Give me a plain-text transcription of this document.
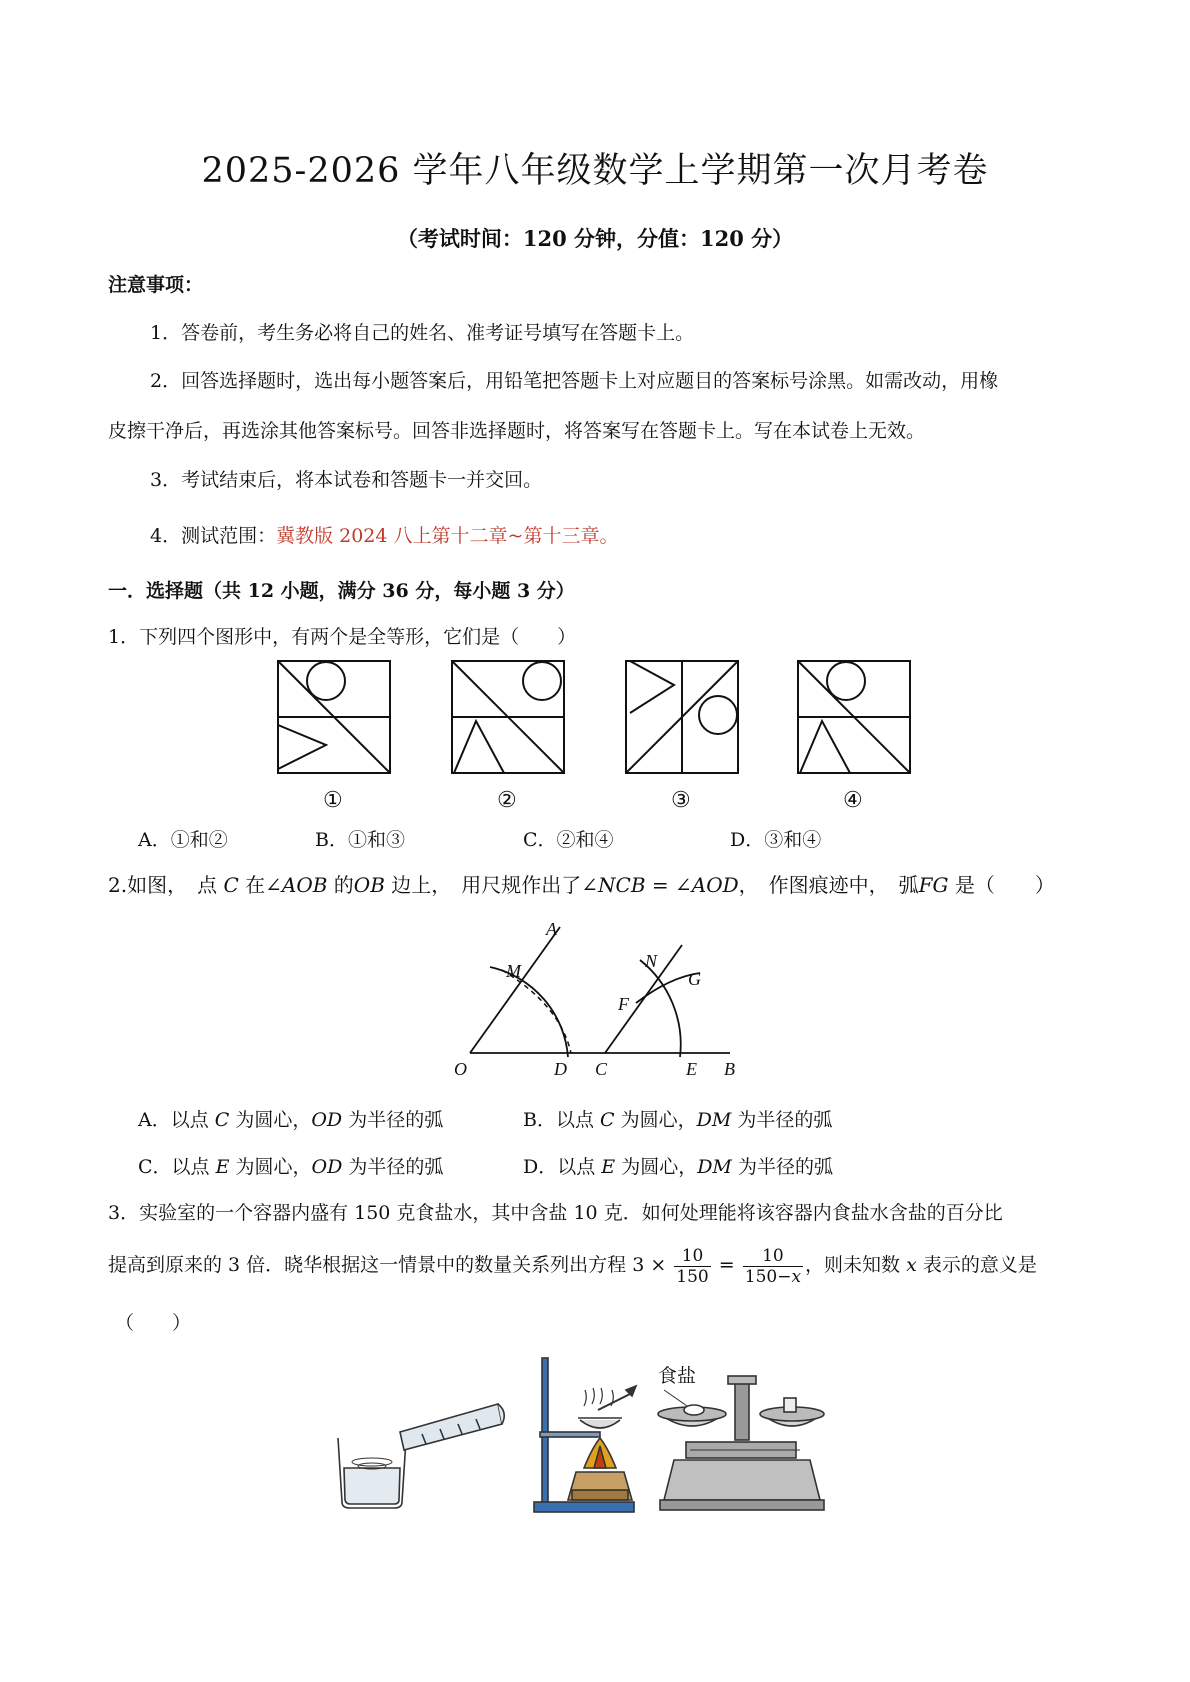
2025-2026 学年八年级数学上学期第一次月考卷
（考试时间：120 分钟，分值：120 分）
注意事项：
1．答卷前，考生务必将自己的姓名、准考证号填写在答题卡上。
2．回答选择题时，选出每小题答案后，用铅笔把答题卡上对应题目的答案标号涂黑。如需改动，用橡
皮擦干净后，再选涂其他答案标号。回答非选择题时，将答案写在答题卡上。写在本试卷上无效。
3．考试结束后，将本试卷和答题卡一并交回。
4．测试范围：冀教版 2024 八上第十二章~第十三章。
一．选择题（共 12 小题，满分 36 分，每小题 3 分）
1．下列四个图形中，有两个是全等形，它们是（　　）
①	②	③	④
A．①和②	B．①和③	C．②和④	D．③和④
2.如图，　点 C 在∠AOB 的OB 边上，　用尺规作出了∠NCB = ∠AOD，　作图痕迹中，　弧FG 是（　　）
A
M	N
G
F
O	D C	E B
A．以点 C 为圆心，OD 为半径的弧	B．以点 C 为圆心，DM 为半径的弧
C．以点 E 为圆心，OD 为半径的弧	D．以点 E 为圆心，DM 为半径的弧
3．实验室的一个容器内盛有 150 克食盐水，其中含盐 10 克．如何处理能将该容器内食盐水含盐的百分比
提高到原来的 3 倍．晓华根据这一情景中的数量关系列出方程 $3 \times \frac{10}{150} = \frac{10}{\text{150−𝑥}}$ ，则未知数 x 表示的意义是
（　　）
食盐
